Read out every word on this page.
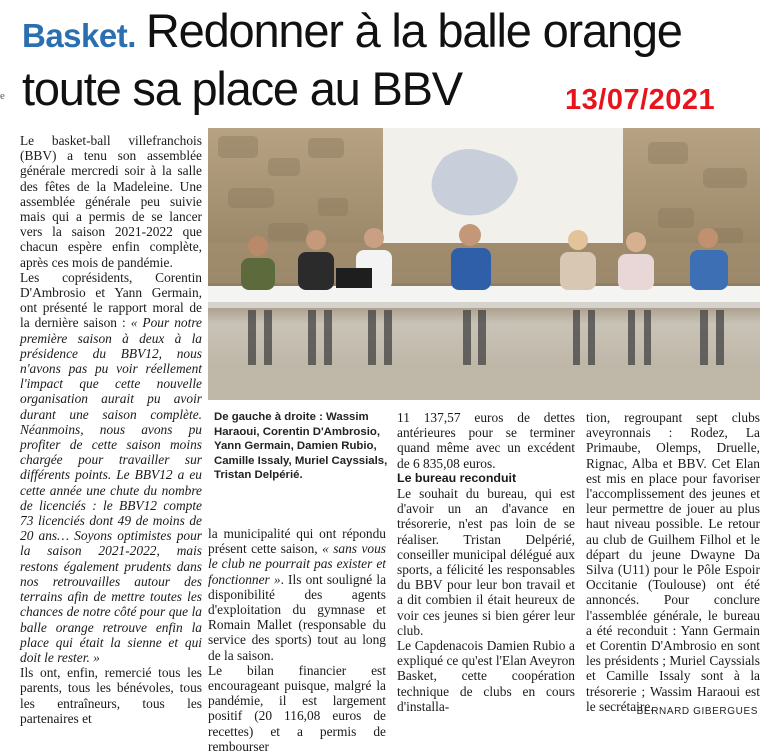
Basket. Redonner à la balle orange toute sa place au BBV	13/07/2021
e

Le basket-ball villefranchois (BBV) a tenu son assemblée générale mercredi soir à la salle des fêtes de la Madeleine. Une assemblée générale peu suivie mais qui a permis de se lancer vers la saison 2021-2022 que chacun espère enfin complète, après ces mois de pandémie.

Les coprésidents, Corentin D'Ambrosio et Yann Germain, ont présenté le rapport moral de la dernière saison : « Pour notre première saison à deux à la présidence du BBV12, nous n'avons pas pu voir réellement l'impact que cette nouvelle organisation aurait pu avoir durant une saison complète. Néanmoins, nous avons pu profiter de cette saison moins chargée pour travailler sur différents points. Le BBV12 a eu cette année une chute du nombre de licenciés : le BBV12 compte 73 licenciés dont 49 de moins de 20 ans… Soyons optimistes pour la saison 2021-2022, mais restons également prudents dans nos retrouvailles autour des terrains afin de mettre toutes les chances de notre côté pour que la balle orange retrouve enfin la place qui était la sienne et qui doit le rester. »

Ils ont, enfin, remercié tous les parents, tous les bénévoles, tous les entraîneurs, tous les partenaires et

De gauche à droite : Wassim Haraoui, Corentin D'Ambrosio, Yann Germain, Damien Rubio, Camille Issaly, Muriel Cayssials, Tristan Delpérié.

la municipalité qui ont répondu présent cette saison, « sans vous le club ne pourrait pas exister et fonctionner ». Ils ont souligné la disponibilité des agents d'exploitation du gymnase et Romain Mallet (responsable du service des sports) tout au long de la saison.

Le bilan financier est encourageant puisque, malgré la pandémie, il est largement positif (20 116,08 euros de recettes) et a permis de rembourser

11 137,57 euros de dettes antérieures pour se terminer quand même avec un excédent de 6 835,08 euros.

Le bureau reconduit

Le souhait du bureau, qui est d'avoir un an d'avance en trésorerie, n'est pas loin de se réaliser. Tristan Delpérié, conseiller municipal délégué aux sports, a félicité les responsables du BBV pour leur bon travail et a dit combien il était heureux de voir ces jeunes si bien gérer leur club.

Le Capdenacois Damien Rubio a expliqué ce qu'est l'Elan Aveyron Basket, cette coopération technique de clubs en cours d'installa-

tion, regroupant sept clubs aveyronnais : Rodez, La Primaube, Olemps, Druelle, Rignac, Alba et BBV. Cet Elan est mis en place pour favoriser l'accomplissement des jeunes et leur permettre de jouer au plus haut niveau possible. Le retour au club de Guilhem Filhol et le départ du jeune Dwayne Da Silva (U11) pour le Pôle Espoir Occitanie (Toulouse) ont été annoncés. Pour conclure l'assemblée générale, le bureau a été reconduit : Yann Germain et Corentin D'Ambrosio en sont les présidents ; Muriel Cayssials et Camille Issaly sont à la trésorerie ; Wassim Haraoui est le secrétaire.

BERNARD GIBERGUES
